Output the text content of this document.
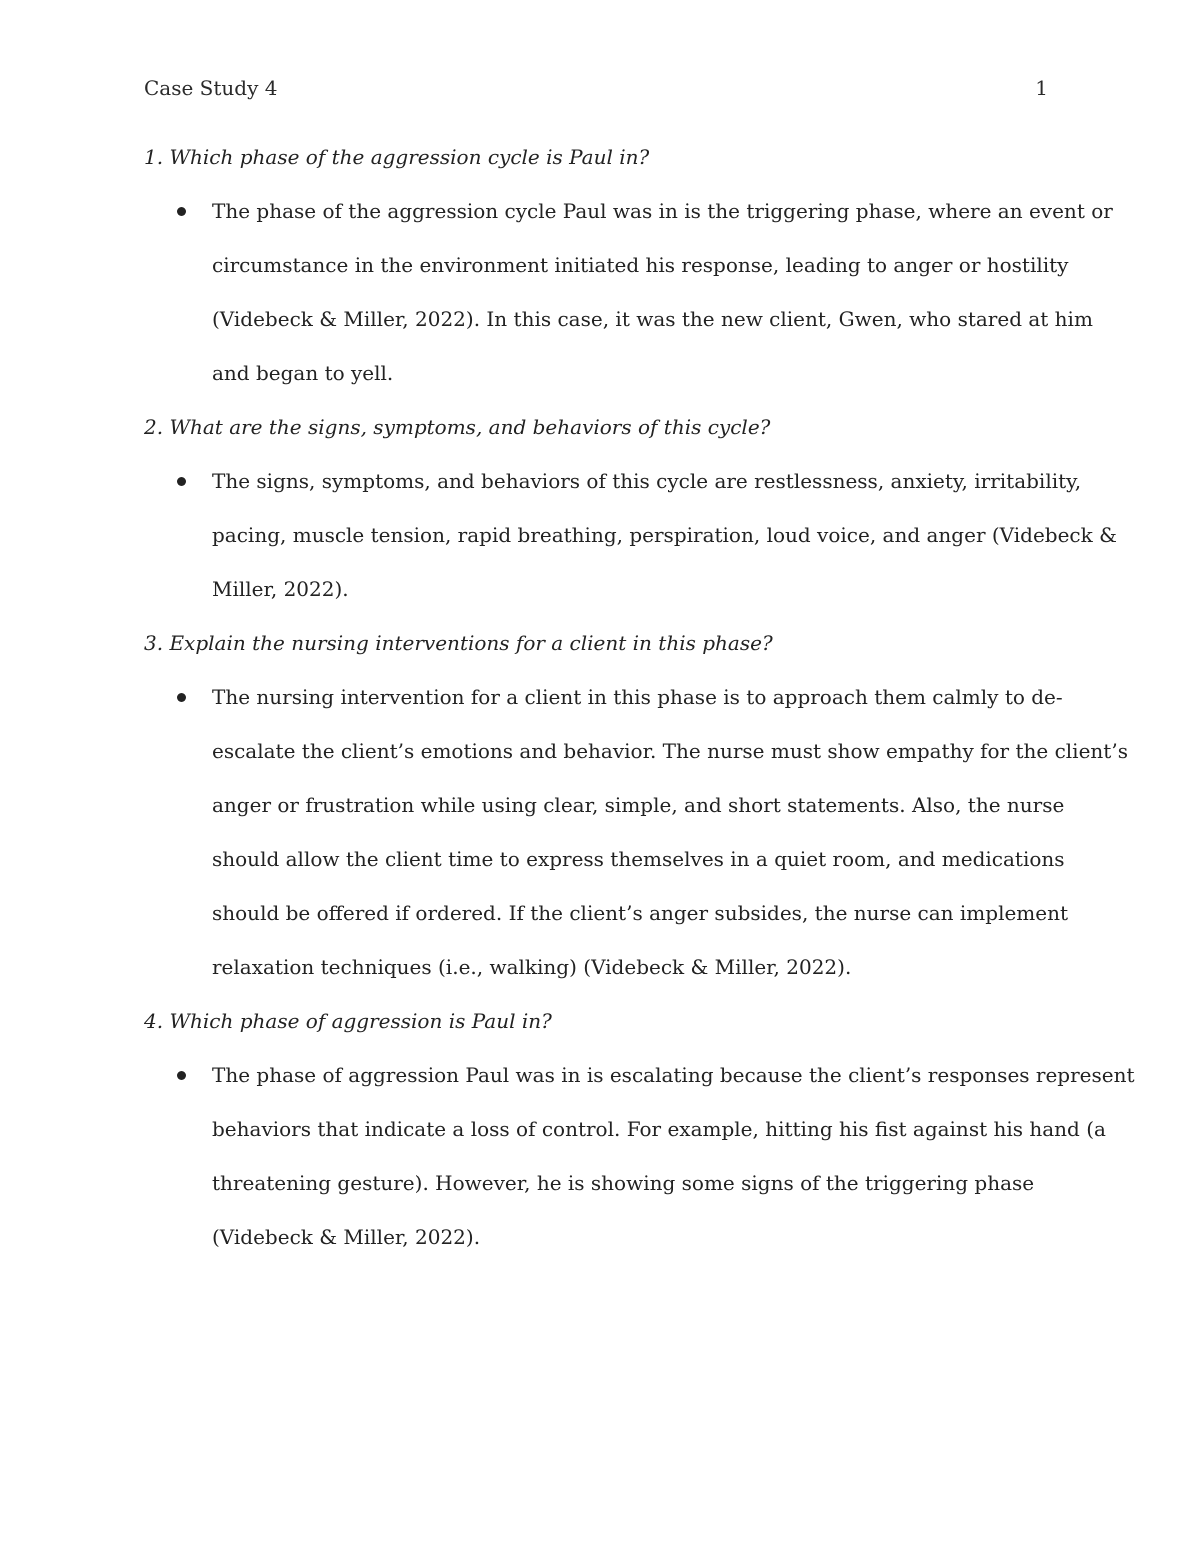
Case Study 4	1

1. Which phase of the aggression cycle is Paul in?

The phase of the aggression cycle Paul was in is the triggering phase, where an event or
circumstance in the environment initiated his response, leading to anger or hostility
(Videbeck & Miller, 2022). In this case, it was the new client, Gwen, who stared at him
and began to yell.

2. What are the signs, symptoms, and behaviors of this cycle?

The signs, symptoms, and behaviors of this cycle are restlessness, anxiety, irritability,
pacing, muscle tension, rapid breathing, perspiration, loud voice, and anger (Videbeck &
Miller, 2022).

3. Explain the nursing interventions for a client in this phase?

The nursing intervention for a client in this phase is to approach them calmly to de-
escalate the client’s emotions and behavior. The nurse must show empathy for the client’s
anger or frustration while using clear, simple, and short statements. Also, the nurse
should allow the client time to express themselves in a quiet room, and medications
should be offered if ordered. If the client’s anger subsides, the nurse can implement
relaxation techniques (i.e., walking) (Videbeck & Miller, 2022).

4. Which phase of aggression is Paul in?

The phase of aggression Paul was in is escalating because the client’s responses represent
behaviors that indicate a loss of control. For example, hitting his fist against his hand (a
threatening gesture). However, he is showing some signs of the triggering phase
(Videbeck & Miller, 2022).
